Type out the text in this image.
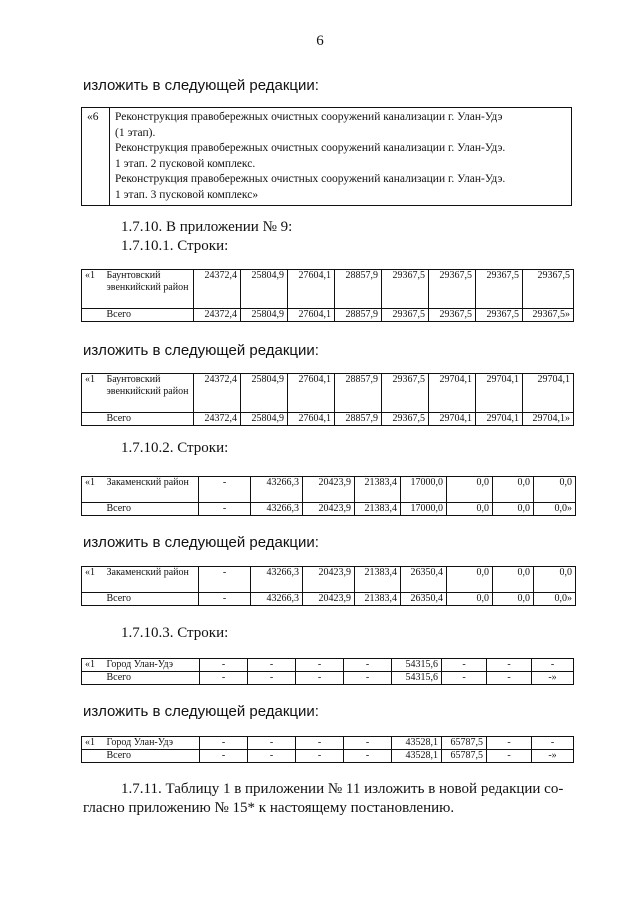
6
изложить в следующей редакции:
«6	Реконструкция правобережных очистных сооружений канализации г. Улан-Удэ
(1 этап).
Реконструкция правобережных очистных сооружений канализации г. Улан-Удэ.
1 этап. 2 пусковой комплекс.
Реконструкция правобережных очистных сооружений канализации г. Улан-Удэ.
1 этап. 3 пусковой комплекс»
1.7.10. В приложении № 9:
1.7.10.1. Строки:
«1	Баунтовский эвенкийский район	24372,4	25804,9	27604,1	28857,9	29367,5	29367,5	29367,5	29367,5
	Всего	24372,4	25804,9	27604,1	28857,9	29367,5	29367,5	29367,5	29367,5»
изложить в следующей редакции:
«1	Баунтовский эвенкийский район	24372,4	25804,9	27604,1	28857,9	29367,5	29704,1	29704,1	29704,1
	Всего	24372,4	25804,9	27604,1	28857,9	29367,5	29704,1	29704,1	29704,1»
1.7.10.2. Строки:
«1	Закаменский район	-	43266,3	20423,9	21383,4	17000,0	0,0	0,0	0,0
	Всего	-	43266,3	20423,9	21383,4	17000,0	0,0	0,0	0,0»
изложить в следующей редакции:
«1	Закаменский район	-	43266,3	20423,9	21383,4	26350,4	0,0	0,0	0,0
	Всего	-	43266,3	20423,9	21383,4	26350,4	0,0	0,0	0,0»
1.7.10.3. Строки:
«1	Город Улан-Удэ	-	-	-	-	54315,6	-	-	-
	Всего	-	-	-	-	54315,6	-	-	-»
изложить в следующей редакции:
«1	Город Улан-Удэ	-	-	-	-	43528,1	65787,5	-	-
	Всего	-	-	-	-	43528,1	65787,5	-	-»
1.7.11. Таблицу 1 в приложении № 11 изложить в новой редакции со-
гласно приложению № 15* к настоящему постановлению.
